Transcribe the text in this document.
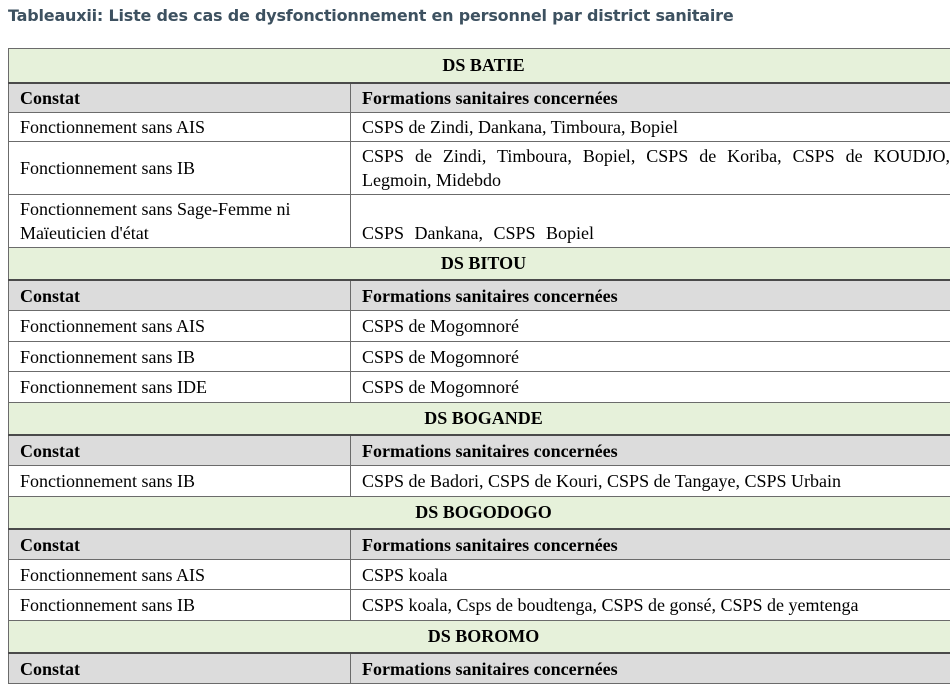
Tableauxii: Liste des cas de dysfonctionnement en personnel par district sanitaire
DS BATIE	
Constat	Formations sanitaires concernées
Fonctionnement sans AIS	CSPS de Zindi, Dankana, Timboura, Bopiel
Fonctionnement sans IB	CSPS de Zindi, Timboura, Bopiel, CSPS de Koriba, CSPS de KOUDJO, Legmoin, Midebdo
Fonctionnement sans Sage-Femme ni Maïeuticien d'état	CSPS Dankana, CSPS Bopiel
DS BITOU	
Constat	Formations sanitaires concernées
Fonctionnement sans AIS	CSPS de Mogomnoré
Fonctionnement sans IB	CSPS de Mogomnoré
Fonctionnement sans IDE	CSPS de Mogomnoré
DS BOGANDE	
Constat	Formations sanitaires concernées
Fonctionnement sans IB	CSPS de Badori, CSPS de Kouri, CSPS de Tangaye, CSPS Urbain
DS BOGODOGO	
Constat	Formations sanitaires concernées
Fonctionnement sans AIS	CSPS koala
Fonctionnement sans IB	CSPS koala, Csps de boudtenga, CSPS de gonsé, CSPS de yemtenga
DS BOROMO	
Constat	Formations sanitaires concernées
